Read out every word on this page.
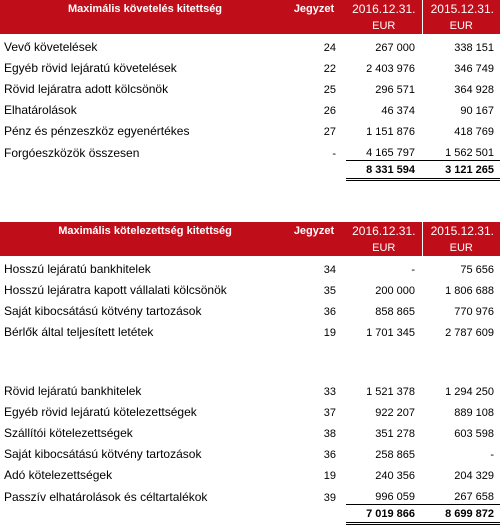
Maximális követelés kitettség	Jegyzet	2016.12.31.	2015.12.31.
		EUR	EUR
Vevő követelések	24	267 000	338 151
Egyéb rövid lejáratú követelések	22	2 403 976	346 749
Rövid lejáratra adott kölcsönök	25	296 571	364 928
Elhatárolások	26	46 374	90 167
Pénz és pénzeszköz egyenértékes	27	1 151 876	418 769
Forgóeszközök összesen	-	4 165 797	1 562 501
		8 331 594	3 121 265
Maximális kötelezettség kitettség	Jegyzet	2016.12.31.	2015.12.31.
		EUR	EUR
Hosszú lejáratú bankhitelek	34	-	75 656
Hosszú lejáratra kapott vállalati kölcsönök	35	200 000	1 806 688
Saját kibocsátású kötvény tartozások	36	858 865	770 976
Bérlők által teljesített letétek	19	1 701 345	2 787 609

Rövid lejáratú bankhitelek	33	1 521 378	1 294 250
Egyéb rövid lejáratú kötelezettségek	37	922 207	889 108
Szállítói kötelezettségek	38	351 278	603 598
Saját kibocsátású kötvény tartozások	36	258 865	-
Adó kötelezettségek	19	240 356	204 329
Passzív elhatárolások és céltartalékok	39	996 059	267 658
		7 019 866	8 699 872
